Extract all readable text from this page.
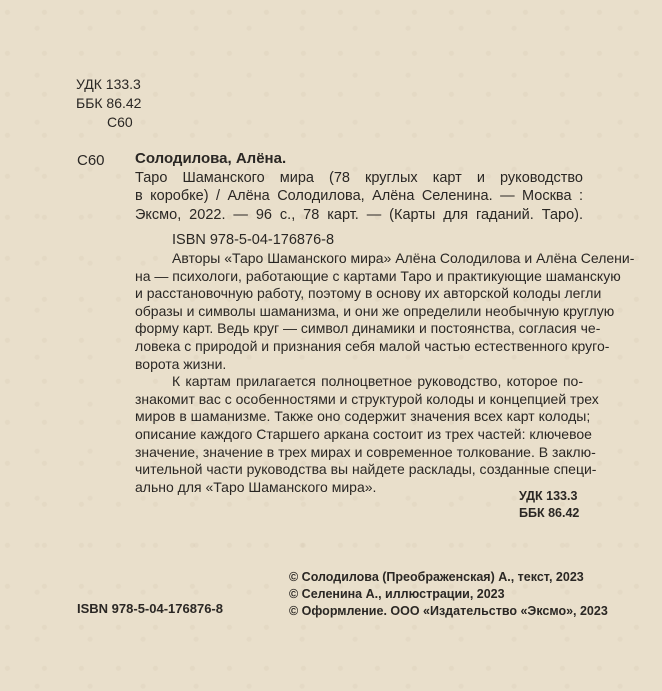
УДК 133.3
ББК 86.42
С60
С60 Солодилова, Алёна.
Таро Шаманского мира (78 круглых карт и руководство
в коробке) / Алёна Солодилова, Алёна Селенина. — Москва :
Эксмо, 2022. — 96 с., 78 карт. — (Карты для гаданий. Таро).
ISBN 978-5-04-176876-8
Авторы «Таро Шаманского мира» Алёна Солодилова и Алёна Селени-
на — психологи, работающие с картами Таро и практикующие шаманскую
и расстановочную работу, поэтому в основу их авторской колоды легли
образы и символы шаманизма, и они же определили необычную круглую
форму карт. Ведь круг — символ динамики и постоянства, согласия че-
ловека с природой и признания себя малой частью естественного круго-
ворота жизни.
К картам прилагается полноцветное руководство, которое по-
знакомит вас с особенностями и структурой колоды и концепцией трех
миров в шаманизме. Также оно содержит значения всех карт колоды;
описание каждого Старшего аркана состоит из трех частей: ключевое
значение, значение в трех мирах и современное толкование. В заклю-
чительной части руководства вы найдете расклады, созданные специ-
ально для «Таро Шаманского мира».
УДК 133.3
ББК 86.42
ISBN 978-5-04-176876-8
© Солодилова (Преображенская) А., текст, 2023
© Селенина А., иллюстрации, 2023
© Оформление. ООО «Издательство «Эксмо», 2023
